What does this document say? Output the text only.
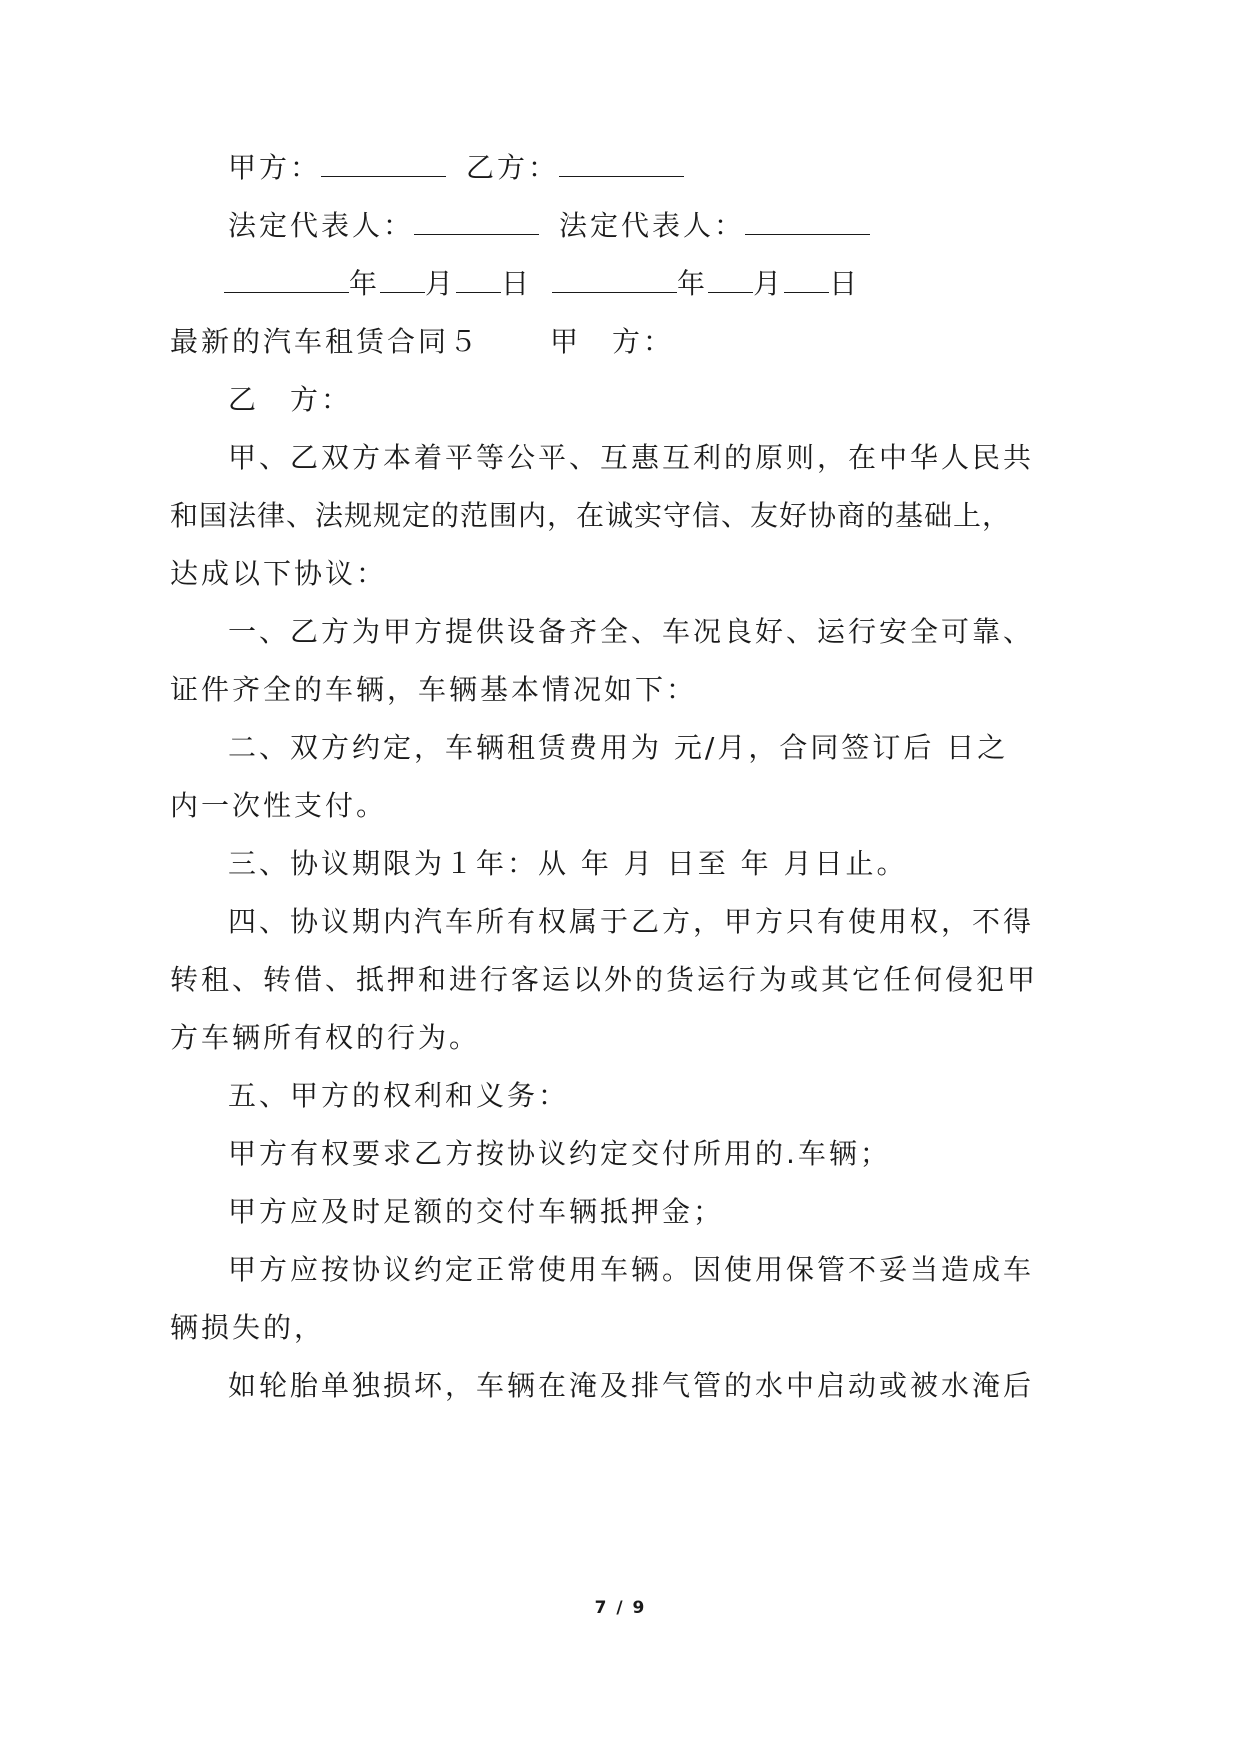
甲方：	乙方：
法定代表人：	法定代表人：
年 月 日	年 月 日
最新的汽车租赁合同５	甲　方：
乙　方：
甲、乙双方本着平等公平、互惠互利的原则，在中华人民共
和国法律、法规规定的范围内，在诚实守信、友好协商的基础上，
达成以下协议：
一、乙方为甲方提供设备齐全、车况良好、运行安全可靠、
证件齐全的车辆，车辆基本情况如下：
二、双方约定，车辆租赁费用为 元/月，合同签订后 日之
内一次性支付。
三、协议期限为１年：从 年 月 日至 年 月日止。
四、协议期内汽车所有权属于乙方，甲方只有使用权，不得
转租、转借、抵押和进行客运以外的货运行为或其它任何侵犯甲
方车辆所有权的行为。
五、甲方的权利和义务：
甲方有权要求乙方按协议约定交付所用的.车辆；
甲方应及时足额的交付车辆抵押金；
甲方应按协议约定正常使用车辆。因使用保管不妥当造成车
辆损失的，
如轮胎单独损坏，车辆在淹及排气管的水中启动或被水淹后
7 / 9
